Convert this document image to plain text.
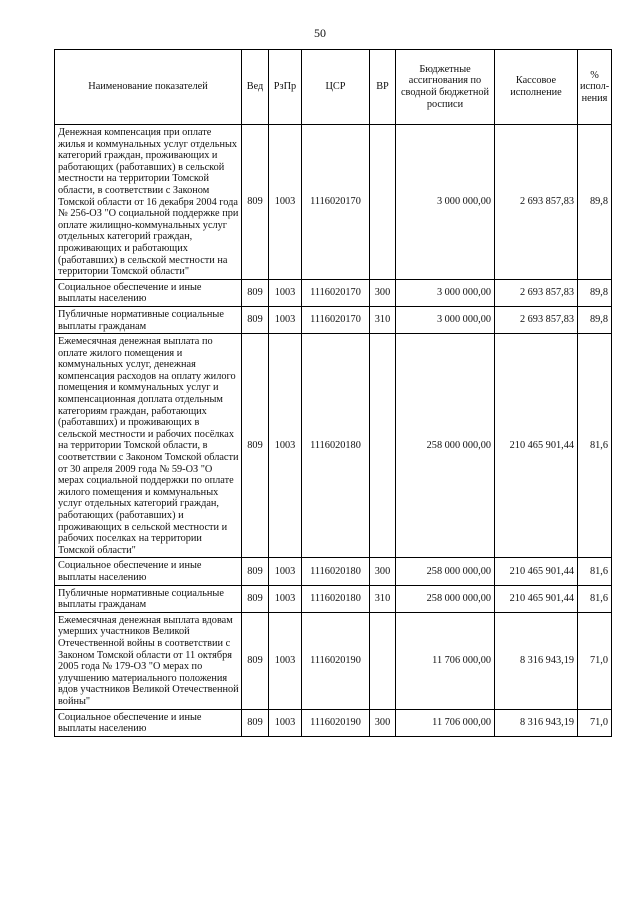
50
Наименование показателей	Вед	РзПр	ЦСР	ВР	Бюджетные ассигнования по сводной бюджетной росписи	Кассовое исполнение	% испол-нения
Денежная компенсация при оплате жилья и коммунальных услуг отдельных категорий граждан, проживающих и работающих (работавших) в сельской местности на территории Томской области, в соответствии с Законом Томской области от 16 декабря 2004 года № 256-ОЗ "О социальной поддержке при оплате жилищно-коммунальных услуг отдельных категорий граждан, проживающих и работающих (работавших) в сельской местности на территории Томской области"	809	1003	1116020170		3 000 000,00	2 693 857,83	89,8
Социальное обеспечение и иные выплаты населению	809	1003	1116020170	300	3 000 000,00	2 693 857,83	89,8
Публичные нормативные социальные выплаты гражданам	809	1003	1116020170	310	3 000 000,00	2 693 857,83	89,8
Ежемесячная денежная выплата по оплате жилого помещения и коммунальных услуг, денежная компенсация расходов на оплату жилого помещения и коммунальных услуг и компенсационная доплата отдельным категориям граждан, работающих (работавших) и проживающих в сельской местности и рабочих посёлках на территории Томской области, в соответствии с Законом Томской области от 30 апреля 2009 года № 59-ОЗ "О мерах социальной поддержки по оплате жилого помещения и коммунальных услуг отдельных категорий граждан, работающих (работавших) и проживающих в сельской местности и рабочих поселках на территории Томской области"	809	1003	1116020180		258 000 000,00	210 465 901,44	81,6
Социальное обеспечение и иные выплаты населению	809	1003	1116020180	300	258 000 000,00	210 465 901,44	81,6
Публичные нормативные социальные выплаты гражданам	809	1003	1116020180	310	258 000 000,00	210 465 901,44	81,6
Ежемесячная денежная выплата вдовам умерших участников Великой Отечественной войны в соответствии с Законом Томской области от 11 октября 2005 года № 179-ОЗ "О мерах по улучшению материального положения вдов участников Великой Отечественной войны"	809	1003	1116020190		11 706 000,00	8 316 943,19	71,0
Социальное обеспечение и иные выплаты населению	809	1003	1116020190	300	11 706 000,00	8 316 943,19	71,0
